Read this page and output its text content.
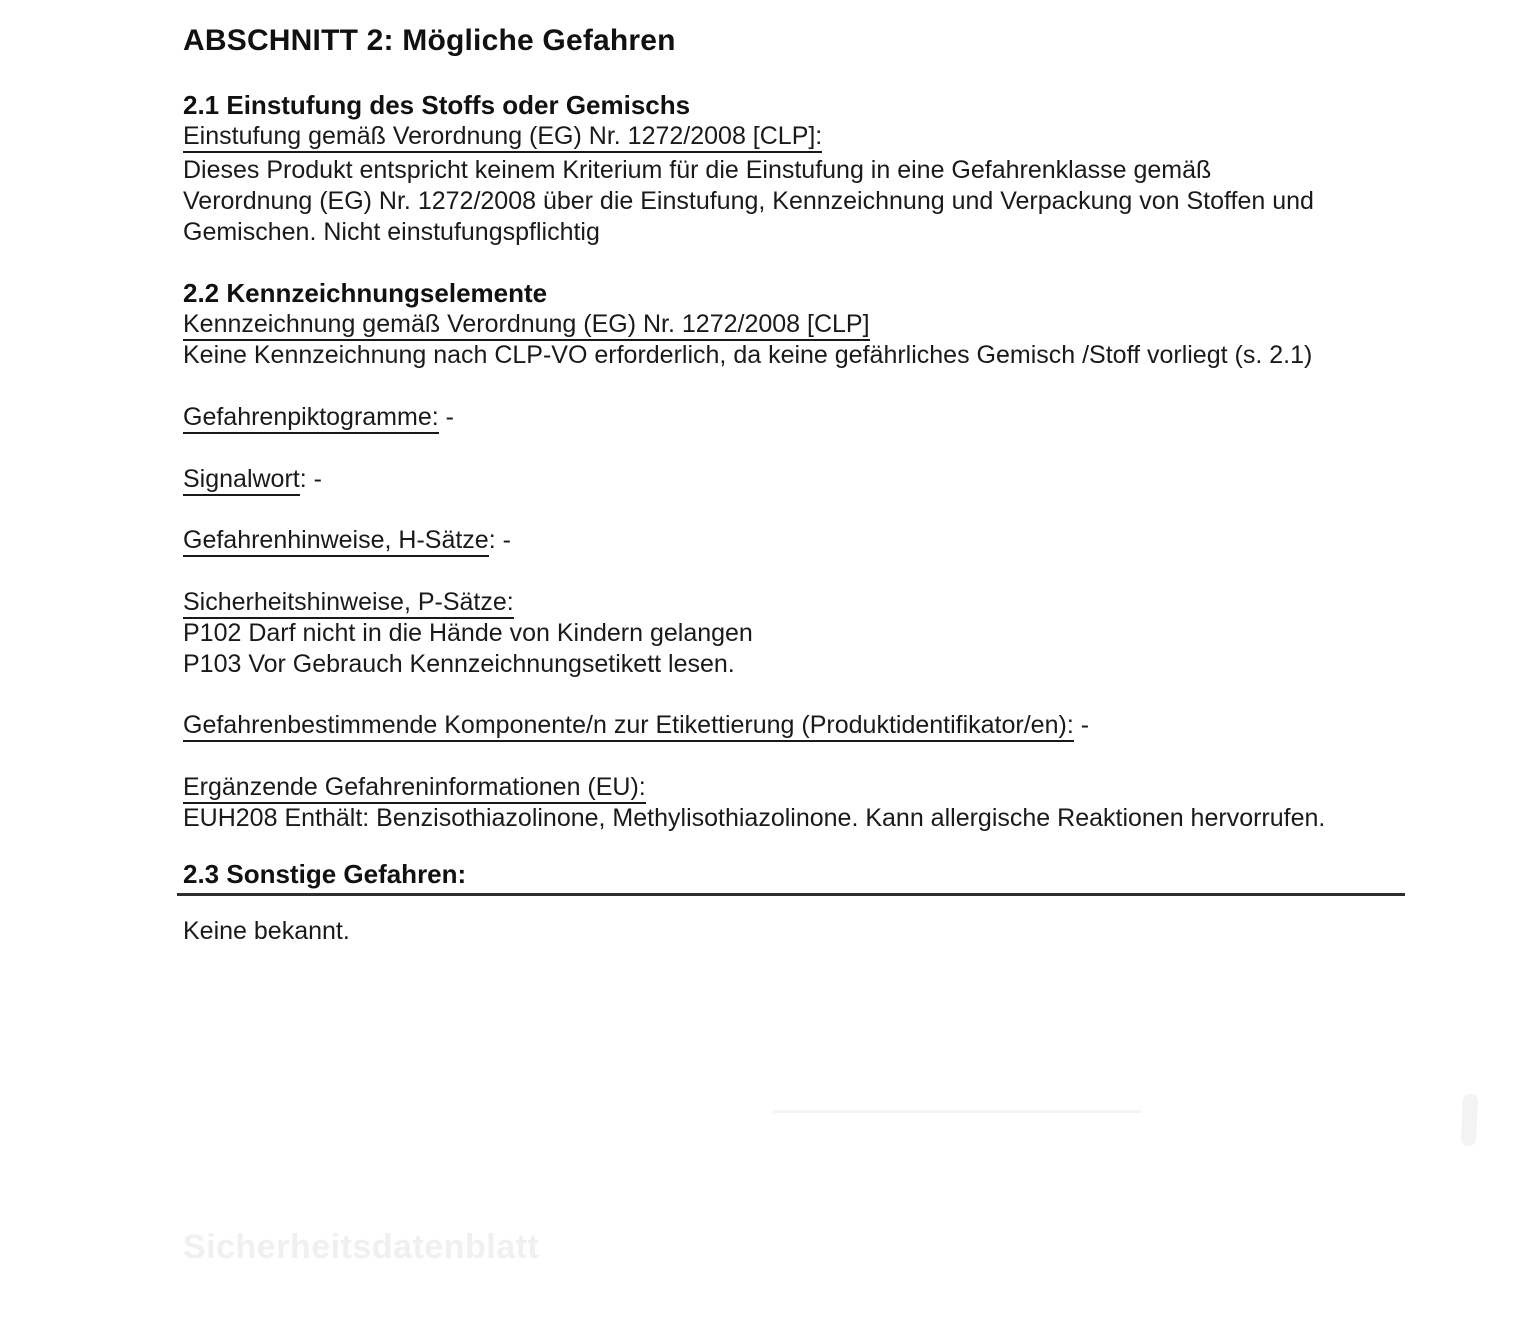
ABSCHNITT 2: Mögliche Gefahren
2.1 Einstufung des Stoffs oder Gemischs
Einstufung gemäß Verordnung (EG) Nr. 1272/2008 [CLP]:
Dieses Produkt entspricht keinem Kriterium für die Einstufung in eine Gefahrenklasse gemäß
Verordnung (EG) Nr. 1272/2008 über die Einstufung, Kennzeichnung und Verpackung von Stoffen und
Gemischen. Nicht einstufungspflichtig
2.2 Kennzeichnungselemente
Kennzeichnung gemäß Verordnung (EG) Nr. 1272/2008 [CLP]
Keine Kennzeichnung nach CLP-VO erforderlich, da keine gefährliches Gemisch /Stoff vorliegt (s. 2.1)
Gefahrenpiktogramme: -
Signalwort: -
Gefahrenhinweise, H-Sätze: -
Sicherheitshinweise, P-Sätze:
P102 Darf nicht in die Hände von Kindern gelangen
P103 Vor Gebrauch Kennzeichnungsetikett lesen.
Gefahrenbestimmende Komponente/n zur Etikettierung (Produktidentifikator/en): -
Ergänzende Gefahreninformationen (EU):
EUH208 Enthält: Benzisothiazolinone, Methylisothiazolinone. Kann allergische Reaktionen hervorrufen.
2.3 Sonstige Gefahren:
Keine bekannt.
Sicherheitsdatenblatt
